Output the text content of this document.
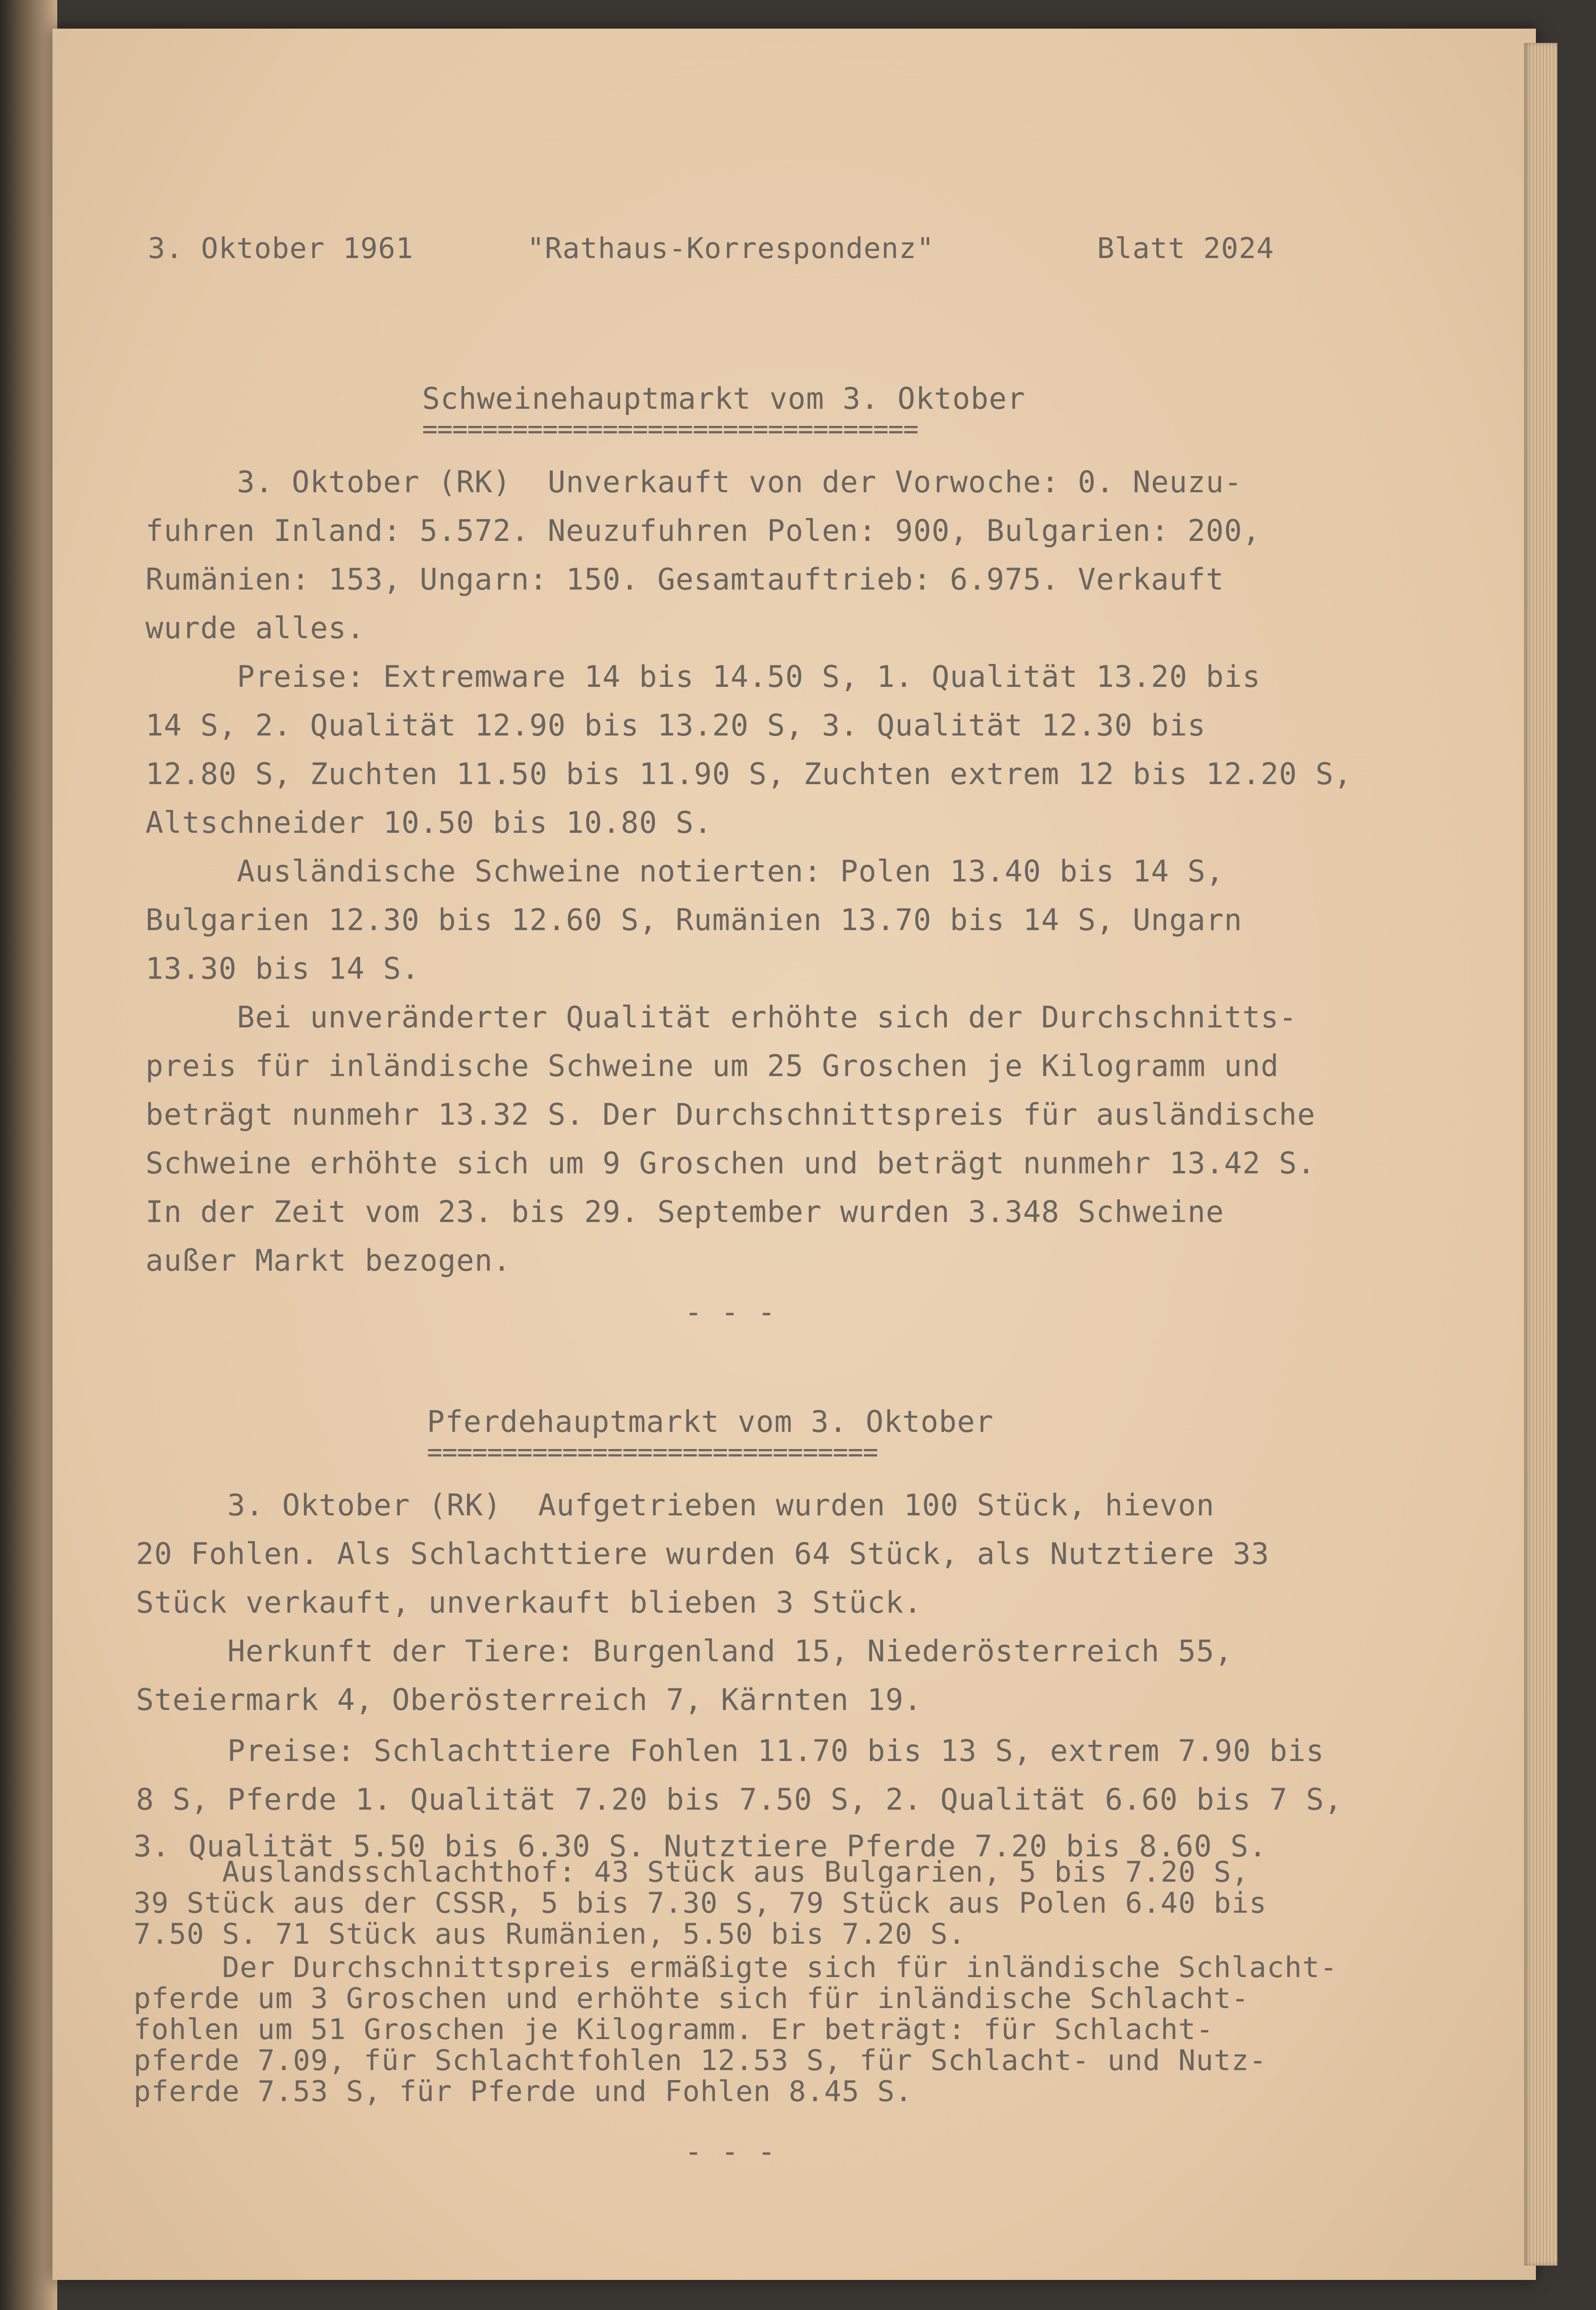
3. Oktober 1961	"Rathaus-Korrespondenz"	Blatt 2024
Schweinehauptmarkt vom 3. Oktober
=================================
3. Oktober (RK)  Unverkauft von der Vorwoche: 0. Neuzu-
fuhren Inland: 5.572. Neuzufuhren Polen: 900, Bulgarien: 200,
Rumänien: 153, Ungarn: 150. Gesamtauftrieb: 6.975. Verkauft
wurde alles.
Preise: Extremware 14 bis 14.50 S, 1. Qualität 13.20 bis
14 S, 2. Qualität 12.90 bis 13.20 S, 3. Qualität 12.30 bis
12.80 S, Zuchten 11.50 bis 11.90 S, Zuchten extrem 12 bis 12.20 S,
Altschneider 10.50 bis 10.80 S.
Ausländische Schweine notierten: Polen 13.40 bis 14 S,
Bulgarien 12.30 bis 12.60 S, Rumänien 13.70 bis 14 S, Ungarn
13.30 bis 14 S.
Bei unveränderter Qualität erhöhte sich der Durchschnitts-
preis für inländische Schweine um 25 Groschen je Kilogramm und
beträgt nunmehr 13.32 S. Der Durchschnittspreis für ausländische
Schweine erhöhte sich um 9 Groschen und beträgt nunmehr 13.42 S.
In der Zeit vom 23. bis 29. September wurden 3.348 Schweine
außer Markt bezogen.
- - -
Pferdehauptmarkt vom 3. Oktober
==============================
3. Oktober (RK)  Aufgetrieben wurden 100 Stück, hievon
20 Fohlen. Als Schlachttiere wurden 64 Stück, als Nutztiere 33
Stück verkauft, unverkauft blieben 3 Stück.
Herkunft der Tiere: Burgenland 15, Niederösterreich 55,
Steiermark 4, Oberösterreich 7, Kärnten 19.
Preise: Schlachttiere Fohlen 11.70 bis 13 S, extrem 7.90 bis
8 S, Pferde 1. Qualität 7.20 bis 7.50 S, 2. Qualität 6.60 bis 7 S,
3. Qualität 5.50 bis 6.30 S. Nutztiere Pferde 7.20 bis 8.60 S.
Auslandsschlachthof: 43 Stück aus Bulgarien, 5 bis 7.20 S,
39 Stück aus der CSSR, 5 bis 7.30 S, 79 Stück aus Polen 6.40 bis
7.50 S. 71 Stück aus Rumänien, 5.50 bis 7.20 S.
Der Durchschnittspreis ermäßigte sich für inländische Schlacht-
pferde um 3 Groschen und erhöhte sich für inländische Schlacht-
fohlen um 51 Groschen je Kilogramm. Er beträgt: für Schlacht-
pferde 7.09, für Schlachtfohlen 12.53 S, für Schlacht- und Nutz-
pferde 7.53 S, für Pferde und Fohlen 8.45 S.
- - -
